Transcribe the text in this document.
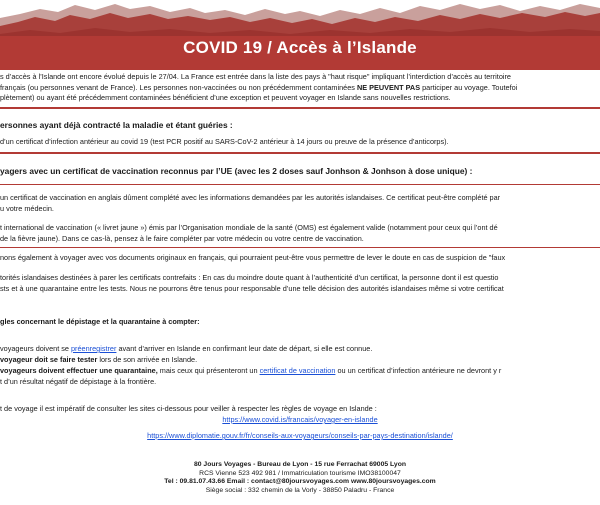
COVID 19 / Accès à l’Islande
s d’accès à l’Islande ont encore évolué depuis le 27/04. La France est entrée dans la liste des pays à "haut risque" impliquant l’interdiction d’accès au territoire
français (ou personnes venant de France). Les personnes non-vaccinées ou non précédemment contaminées NE PEUVENT PAS participer au voyage. Toutefoi
plètement) ou ayant été précédemment contaminées bénéficient d’une exception et peuvent voyager en Islande sans nouvelles restrictions.
ersonnes ayant déjà contracté la maladie et étant guéries :
d’un certificat d’infection antérieur au covid 19 (test PCR positif au SARS-CoV-2 antérieur à 14 jours ou preuve de la présence d’anticorps).
yagers avec un certificat de vaccination reconnus par l’UE (avec les 2 doses sauf Jonhson & Jonhson à dose unique) :
un certificat de vaccination en anglais dûment complété avec les informations demandées par les autorités islandaises. Ce certificat peut-être complété par
u votre médecin.
t international de vaccination (« livret jaune ») émis par l’Organisation mondiale de la santé (OMS) est également valide (notamment pour ceux qui l’ont dé
de la fièvre jaune). Dans ce cas-là, pensez à le faire compléter par votre médecin ou votre centre de vaccination.
nons également à voyager avec vos documents originaux en français, qui pourraient peut-être vous permettre de lever le doute en cas de suspicion de "faux
torités islandaises destinées à parer les certificats contrefaits : En cas du moindre doute quant à l’authenticité d’un certificat, la personne dont il est questio
sts et à une quarantaine entre les tests. Nous ne pourrons être tenus pour responsable d’une telle décision des autorités islandaises même si votre certificat
gles concernant le dépistage et la quarantaine à compter:
voyageurs doivent se préenregistrer avant d’arriver en Islande en confirmant leur date de départ, si elle est connue.
voyageur doit se faire tester lors de son arrivée en Islande.
voyageurs doivent effectuer une quarantaine, mais ceux qui présenteront un certificat de vaccination ou un certificat d’infection antérieure ne devront y r
t d’un résultat négatif de dépistage à la frontière.
t de voyage il est impératif de consulter les sites ci-dessous pour veiller à respecter les règles de voyage en Islande :
https://www.covid.is/francais/voyager-en-islande
https://www.diplomatie.gouv.fr/fr/conseils-aux-voyageurs/conseils-par-pays-destination/islande/
80 Jours Voyages - Bureau de Lyon - 15 rue Ferrachat 69005 Lyon
RCS Vienne 523 492 981 / Immatriculation tourisme IMO38100047
Tel : 09.81.07.43.66 Email : contact@80joursvoyages.com www.80joursvoyages.com
Siège social : 332 chemin de la Vorly - 38850 Paladru - France
